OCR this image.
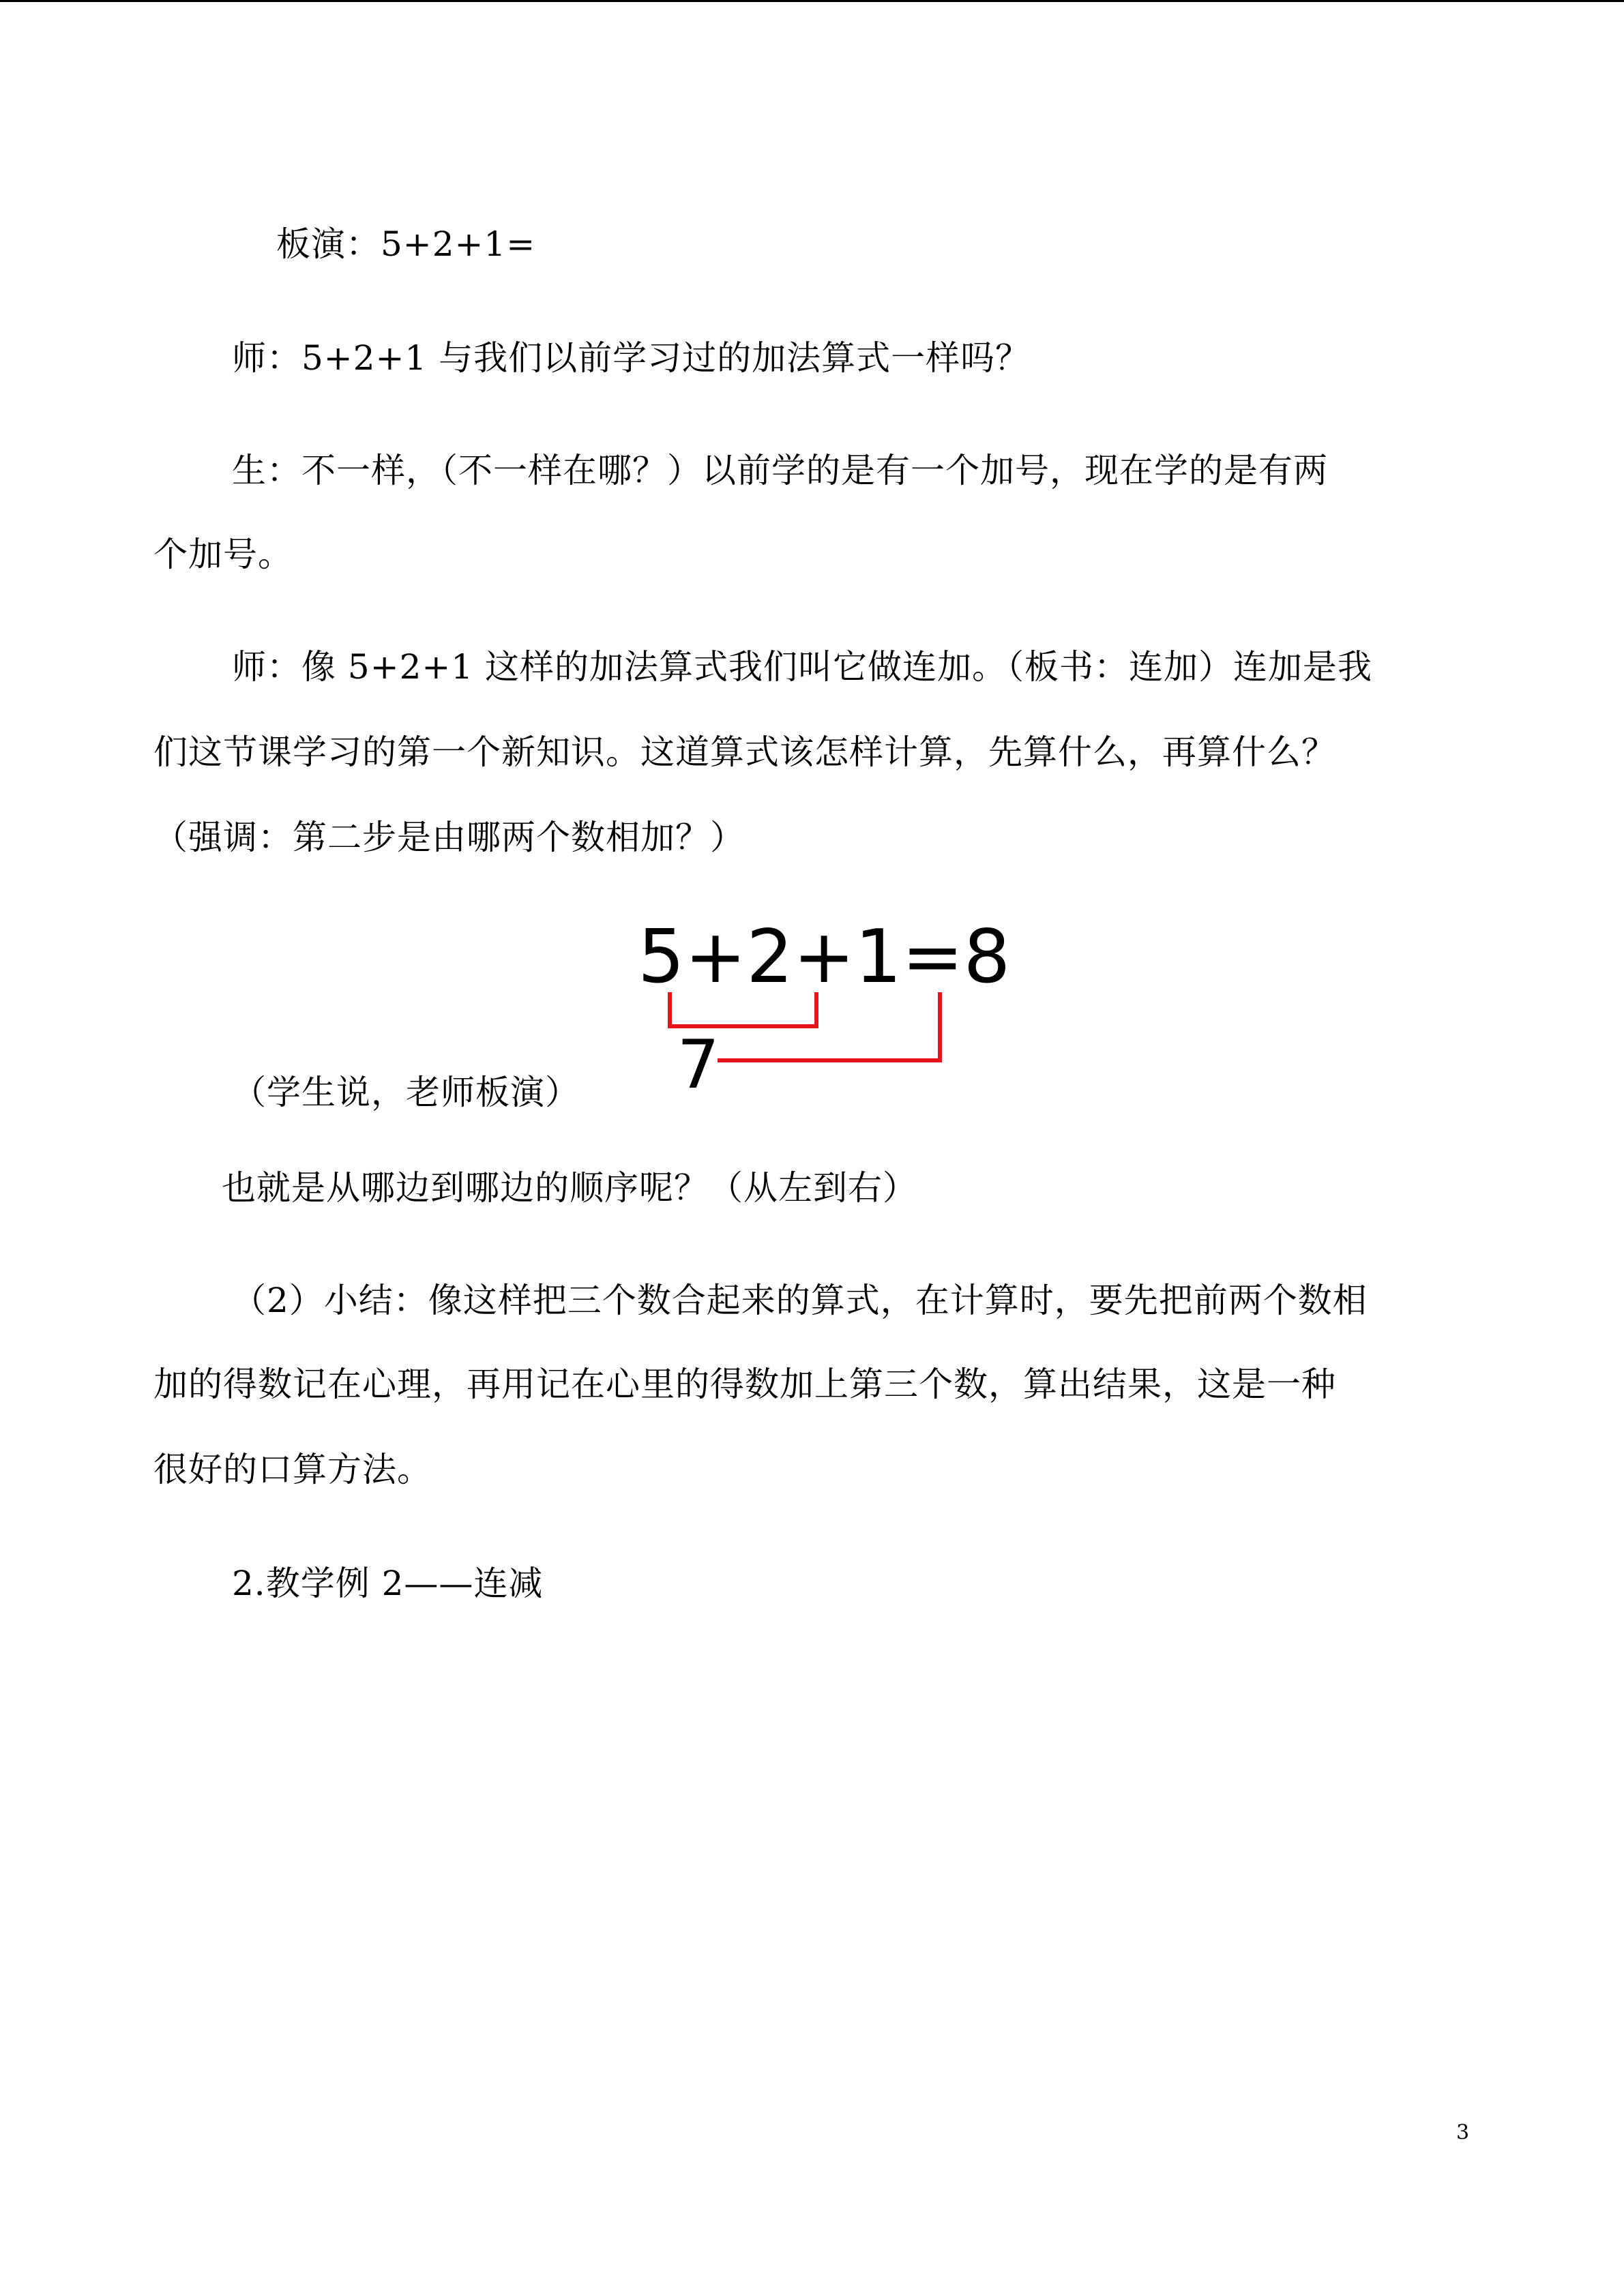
板演：5+2+1=
师：5+2+1 与我们以前学习过的加法算式一样吗？
生：不一样，（不一样在哪？）以前学的是有一个加号，现在学的是有两
个加号。
师：像 5+2+1 这样的加法算式我们叫它做连加。（板书：连加）连加是我
们这节课学习的第一个新知识。这道算式该怎样计算，先算什么，再算什么？
（强调：第二步是由哪两个数相加？）
5+2+1=8
7
（学生说，老师板演）
也就是从哪边到哪边的顺序呢？（从左到右）
（2）小结：像这样把三个数合起来的算式，在计算时，要先把前两个数相
加的得数记在心理，再用记在心里的得数加上第三个数，算出结果，这是一种
很好的口算方法。
2.教学例 2——连减
3
